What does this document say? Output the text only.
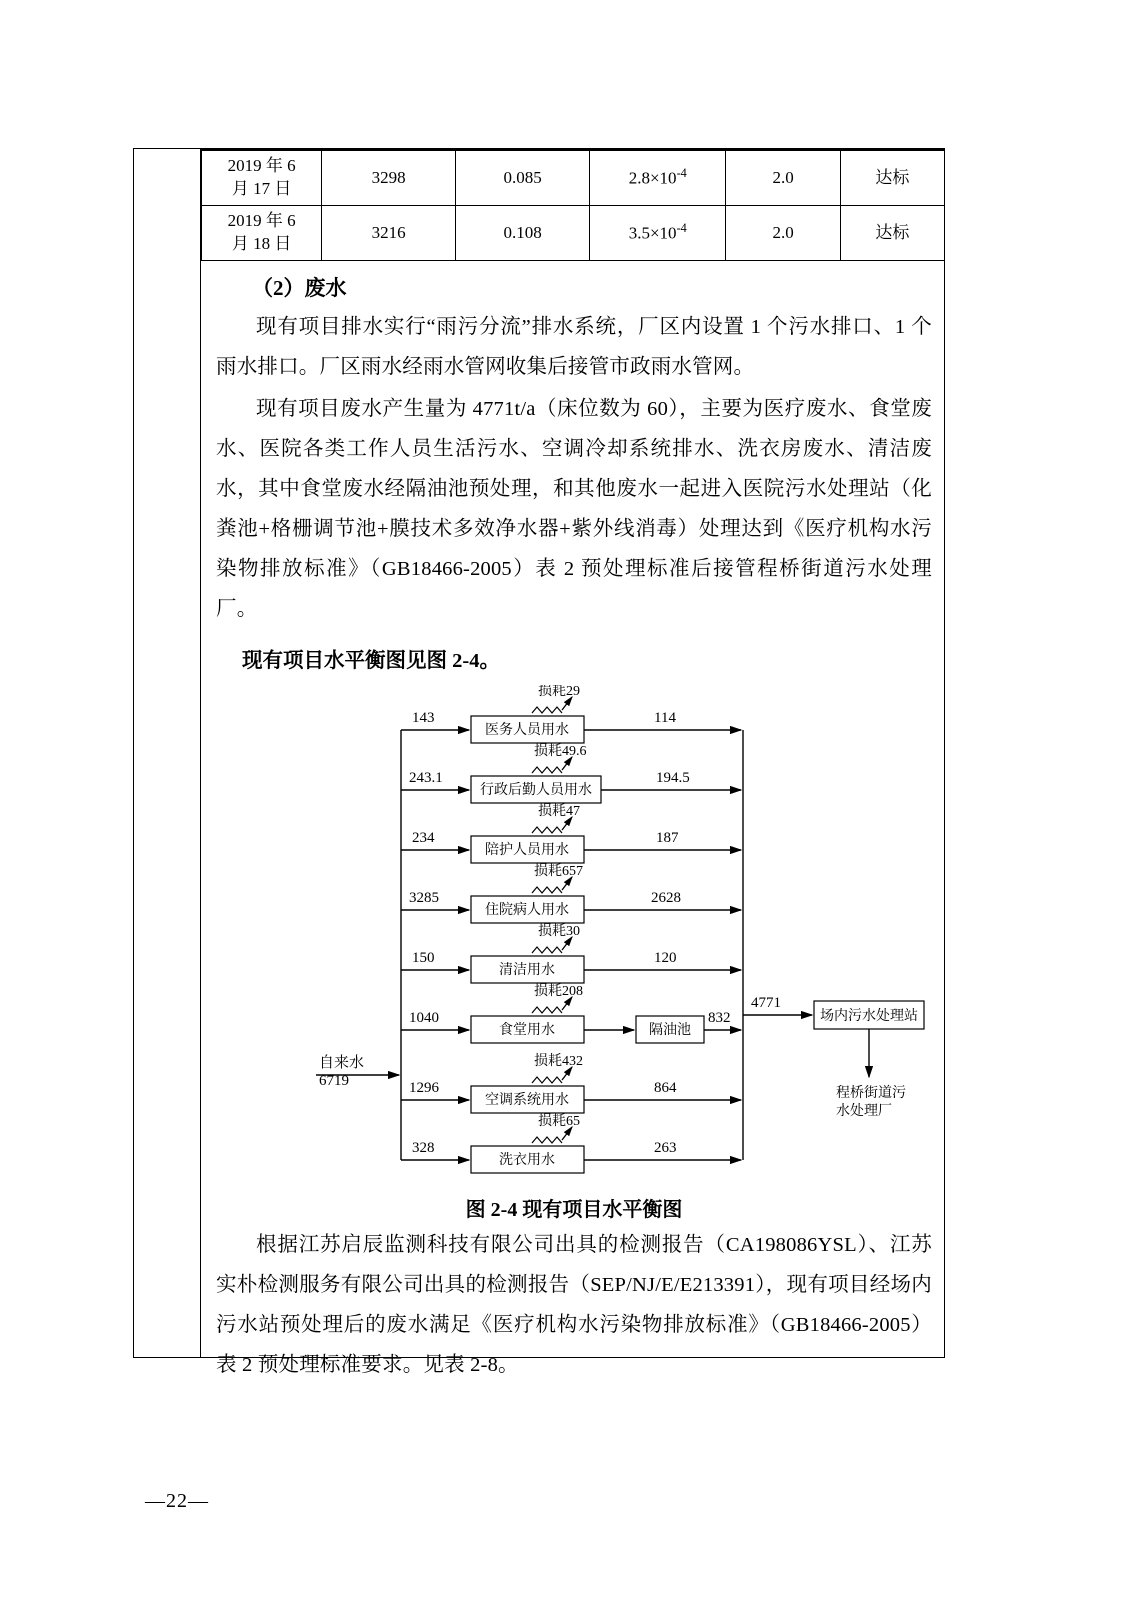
2019 年 6
月 17 日	3298	0.085	$2.8\times 10^{-4}$	2.0	达标
2019 年 6
月 18 日	3216	0.108	$3.5\times 10^{-4}$	2.0	达标
（2）废水

现有项目排水实行“雨污分流”排水系统，厂区内设置 1 个污水排口、1 个雨水排口。厂区雨水经雨水管网收集后接管市政雨水管网。

现有项目废水产生量为 4771t/a（床位数为 60），主要为医疗废水、食堂废水、医院各类工作人员生活污水、空调冷却系统排水、洗衣房废水、清洁废水，其中食堂废水经隔油池预处理，和其他废水一起进入医院污水处理站（化粪池+格栅调节池+膜技术多效净水器+紫外线消毒）处理达到《医疗机构水污染物排放标准》（GB18466-2005）表 2 预处理标准后接管程桥街道污水处理厂。

现有项目水平衡图见图 2-4。

自来水
6719
4771
场内污水处理站
程桥街道污
水处理厂
143
医务人员用水
114
损耗29
243.1
行政后勤人员用水
194.5
损耗49.6
234
陪护人员用水
187
损耗47
3285
住院病人用水
2628
损耗657
150
清洁用水
120
损耗30
1040
食堂用水	隔油池
832
损耗208
1296
空调系统用水
864
损耗432
328
洗衣用水
263
损耗65
图 2-4 现有项目水平衡图

根据江苏启辰监测科技有限公司出具的检测报告（CA198086YSL）、江苏实朴检测服务有限公司出具的检测报告（SEP/NJ/E/E213391），现有项目经场内污水站预处理后的废水满足《医疗机构水污染物排放标准》（GB18466-2005）表 2 预处理标准要求。见表 2-8。

—22—
